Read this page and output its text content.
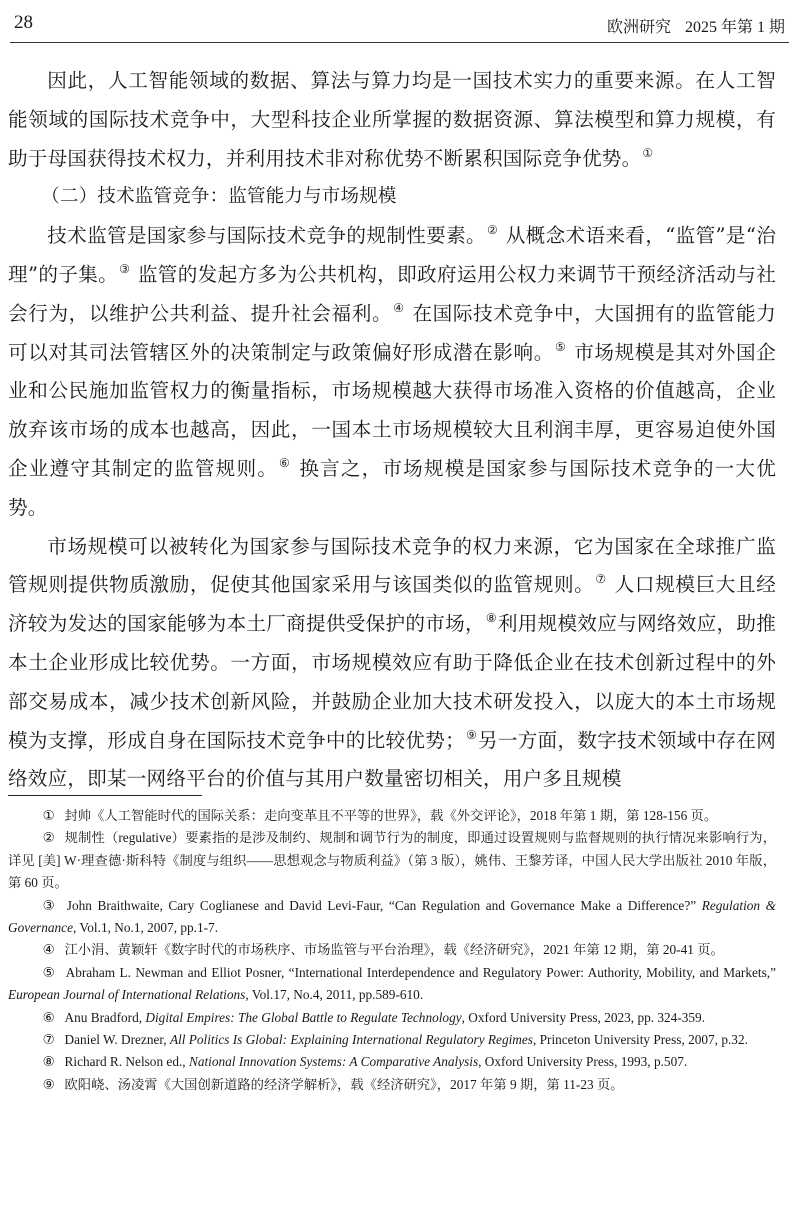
28	欧洲研究 2025 年第 1 期

因此，人工智能领域的数据、算法与算力均是一国技术实力的重要来源。在人工智能领域的国际技术竞争中，大型科技企业所掌握的数据资源、算法模型和算力规模，有助于母国获得技术权力，并利用技术非对称优势不断累积国际竞争优势。①

（二）技术监管竞争：监管能力与市场规模

技术监管是国家参与国际技术竞争的规制性要素。② 从概念术语来看，“监管”是“治理”的子集。③ 监管的发起方多为公共机构，即政府运用公权力来调节干预经济活动与社会行为，以维护公共利益、提升社会福利。④ 在国际技术竞争中，大国拥有的监管能力可以对其司法管辖区外的决策制定与政策偏好形成潜在影响。⑤ 市场规模是其对外国企业和公民施加监管权力的衡量指标，市场规模越大获得市场准入资格的价值越高，企业放弃该市场的成本也越高，因此，一国本土市场规模较大且利润丰厚，更容易迫使外国企业遵守其制定的监管规则。⑥ 换言之，市场规模是国家参与国际技术竞争的一大优势。

市场规模可以被转化为国家参与国际技术竞争的权力来源，它为国家在全球推广监管规则提供物质激励，促使其他国家采用与该国类似的监管规则。⑦ 人口规模巨大且经济较为发达的国家能够为本土厂商提供受保护的市场，⑧利用规模效应与网络效应，助推本土企业形成比较优势。一方面，市场规模效应有助于降低企业在技术创新过程中的外部交易成本，减少技术创新风险，并鼓励企业加大技术研发投入，以庞大的本土市场规模为支撑，形成自身在国际技术竞争中的比较优势；⑨另一方面，数字技术领域中存在网络效应，即某一网络平台的价值与其用户数量密切相关，用户多且规模

① 封帅《人工智能时代的国际关系：走向变革且不平等的世界》，载《外交评论》，2018 年第 1 期，第 128-156 页。

② 规制性（regulative）要素指的是涉及制约、规制和调节行为的制度，即通过设置规则与监督规则的执行情况来影响行为，详见 [美] W·理查德·斯科特《制度与组织——思想观念与物质利益》（第 3 版），姚伟、王黎芳译，中国人民大学出版社 2010 年版，第 60 页。

③ John Braithwaite, Cary Coglianese and David Levi-Faur, “Can Regulation and Governance Make a Difference?” Regulation & Governance, Vol.1, No.1, 2007, pp.1-7.

④ 江小涓、黄颖轩《数字时代的市场秩序、市场监管与平台治理》，载《经济研究》，2021 年第 12 期，第 20-41 页。

⑤ Abraham L. Newman and Elliot Posner, “International Interdependence and Regulatory Power: Authority, Mobility, and Markets,” European Journal of International Relations, Vol.17, No.4, 2011, pp.589-610.

⑥ Anu Bradford, Digital Empires: The Global Battle to Regulate Technology, Oxford University Press, 2023, pp. 324-359.

⑦ Daniel W. Drezner, All Politics Is Global: Explaining International Regulatory Regimes, Princeton University Press, 2007, p.32.

⑧ Richard R. Nelson ed., National Innovation Systems: A Comparative Analysis, Oxford University Press, 1993, p.507.

⑨ 欧阳峣、汤凌霄《大国创新道路的经济学解析》，载《经济研究》，2017 年第 9 期，第 11-23 页。
